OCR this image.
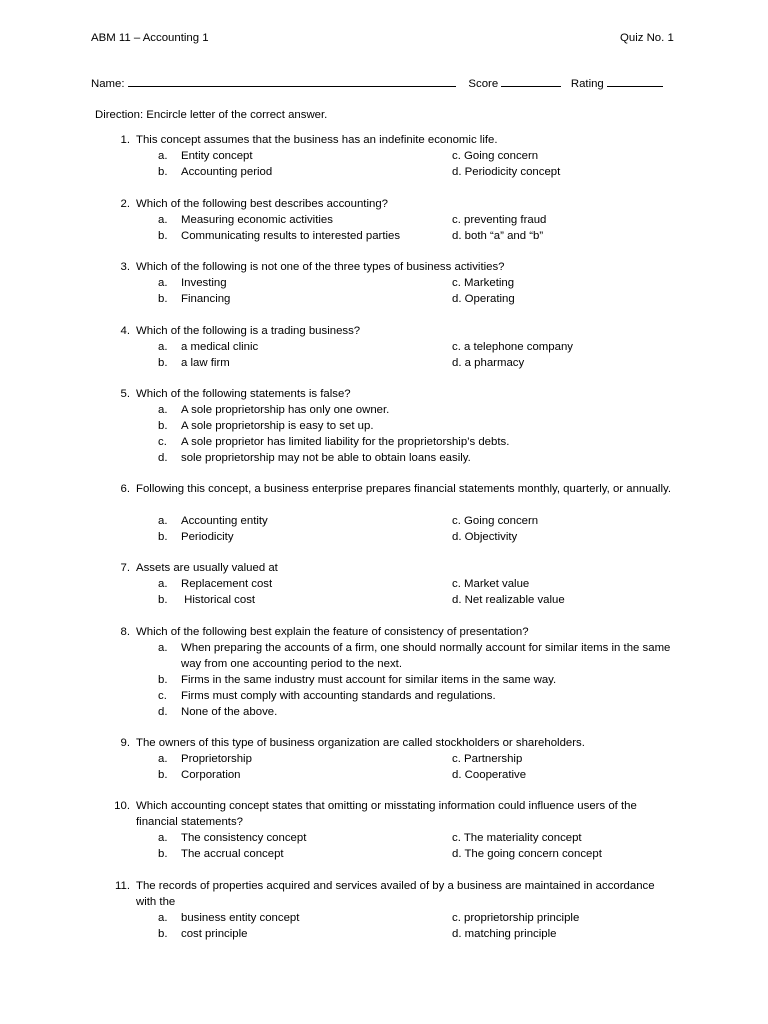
ABM 11 – Accounting 1	Quiz No. 1
Name:	Score	Rating
Direction: Encircle letter of the correct answer.
1. This concept assumes that the business has an indefinite economic life.
a.	Entity concept
b.	Accounting period
c. Going concern
d. Periodicity concept
2. Which of the following best describes accounting?
a.	Measuring economic activities
b.	Communicating results to interested parties
c. preventing fraud
d. both “a” and “b”
3. Which of the following is not one of the three types of business activities?
a.	Investing
b.	Financing
c. Marketing
d. Operating
4. Which of the following is a trading business?
a.	a medical clinic
b.	a law firm
c. a telephone company
d. a pharmacy
5. Which of the following statements is false?
a.	A sole proprietorship has only one owner.
b.	A sole proprietorship is easy to set up.
c.	A sole proprietor has limited liability for the proprietorship’s debts.
d.	sole proprietorship may not be able to obtain loans easily.
6. Following this concept, a business enterprise prepares financial statements monthly, quarterly, or annually.
a.	Accounting entity
b.	Periodicity
c. Going concern
d. Objectivity
7. Assets are usually valued at
a.	Replacement cost
b.	Historical cost
c. Market value
d. Net realizable value
8. Which of the following best explain the feature of consistency of presentation?
a.	When preparing the accounts of a firm, one should normally account for similar items in the same way from one accounting period to the next.
b.	Firms in the same industry must account for similar items in the same way.
c.	Firms must comply with accounting standards and regulations.
d.	None of the above.
9. The owners of this type of business organization are called stockholders or shareholders.
a.	Proprietorship
b.	Corporation
c. Partnership
d. Cooperative
10. Which accounting concept states that omitting or misstating information could influence users of the financial statements?
a.	The consistency concept
b.	The accrual concept
c. The materiality concept
d. The going concern concept
11. The records of properties acquired and services availed of by a business are maintained in accordance with the
a.	business entity concept
b.	cost principle
c. proprietorship principle
d. matching principle
